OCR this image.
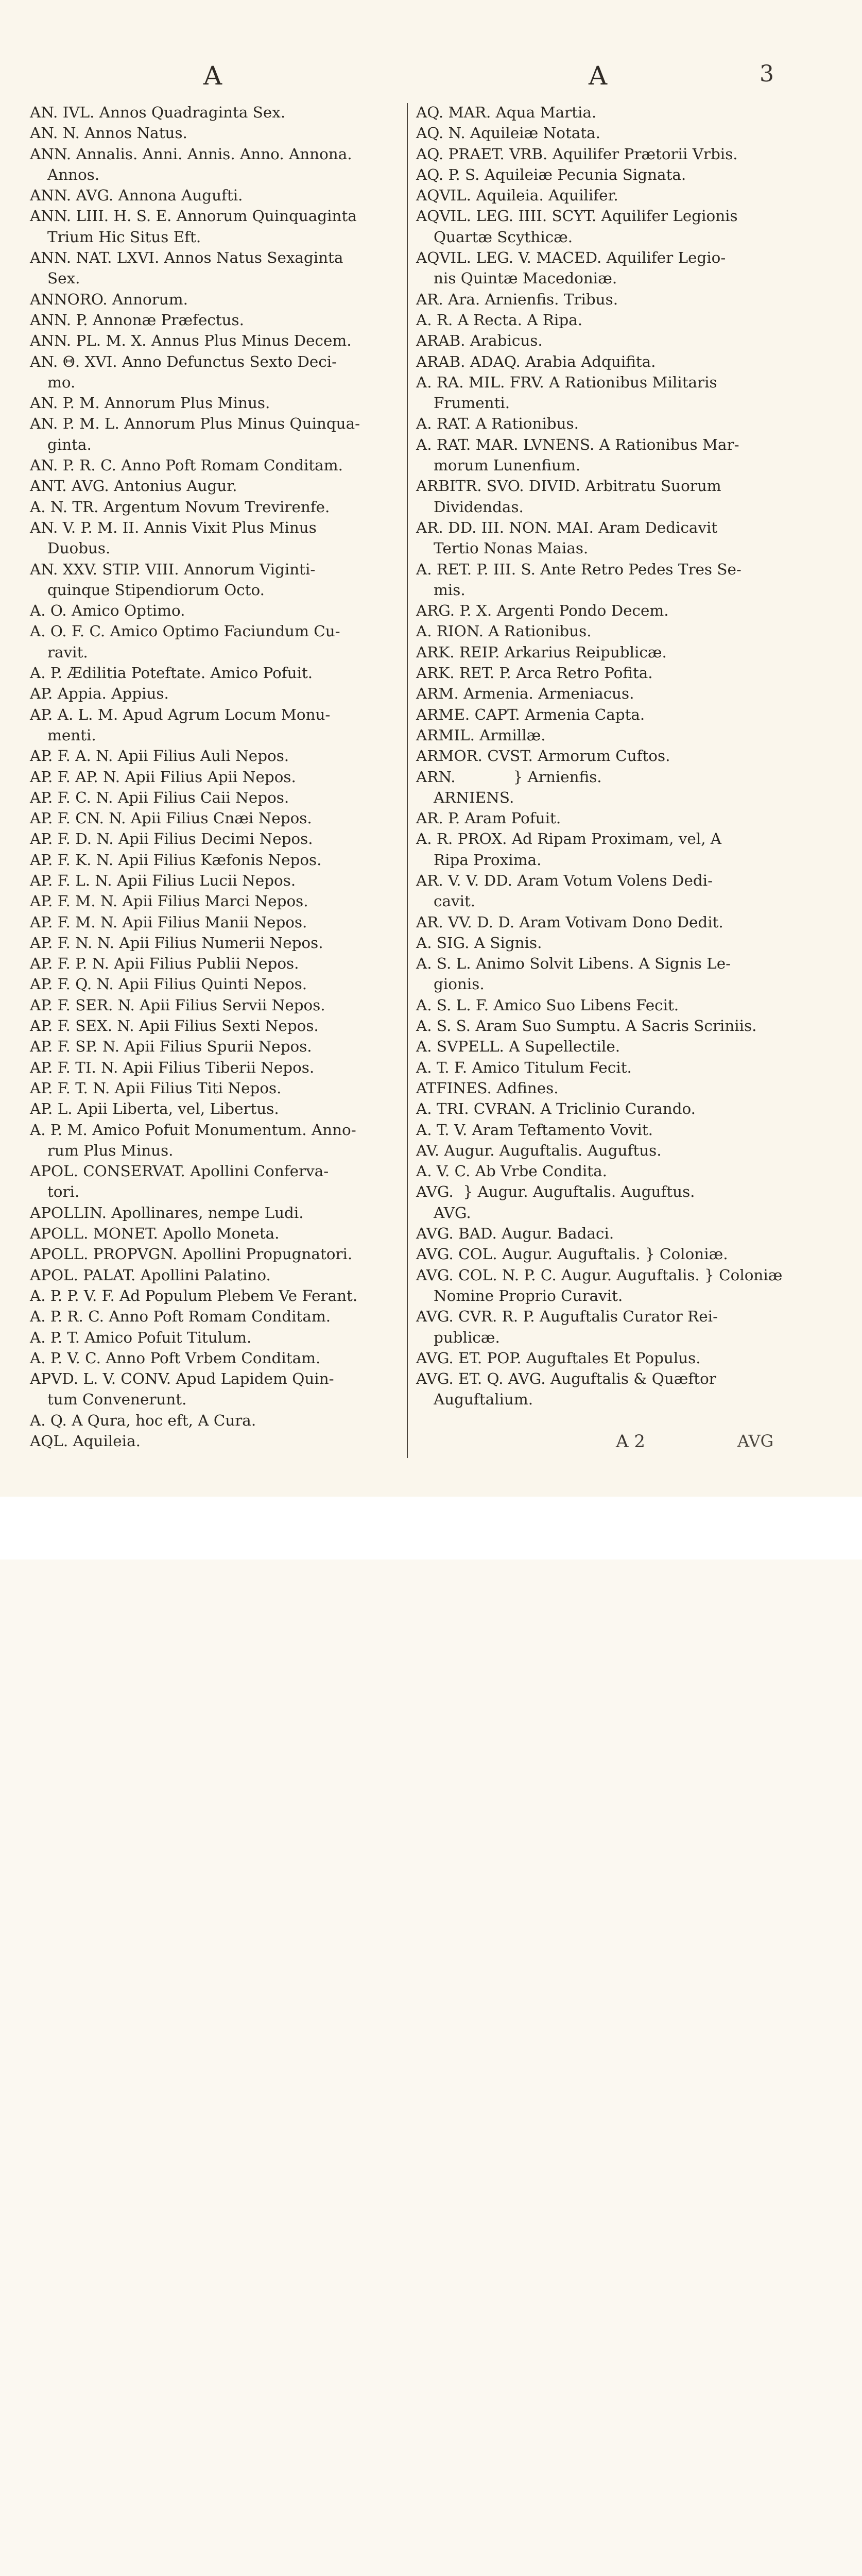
A	A	3

AN. IVL. Annos Quadraginta Sex.

AN. N. Annos Natus.

ANN. Annalis. Anni. Annis. Anno. Annona.
Annos.

ANN. AVG. Annona Augufti.

ANN. LIII. H. S. E. Annorum Quinquaginta
Trium Hic Situs Eft.

ANN. NAT. LXVI. Annos Natus Sexaginta
Sex.

ANNORO. Annorum.

ANN. P. Annonæ Præfectus.

ANN. PL. M. X. Annus Plus Minus Decem.

AN. Θ. XVI. Anno Defunctus Sexto Deci-
mo.

AN. P. M. Annorum Plus Minus.

AN. P. M. L. Annorum Plus Minus Quinqua-
ginta.

AN. P. R. C. Anno Poft Romam Conditam.

ANT. AVG. Antonius Augur.

A. N. TR. Argentum Novum Trevirenfe.

AN. V. P. M. II. Annis Vixit Plus Minus
Duobus.

AN. XXV. STIP. VIII. Annorum Viginti-
quinque Stipendiorum Octo.

A. O. Amico Optimo.

A. O. F. C. Amico Optimo Faciundum Cu-
ravit.

A. P. Ædilitia Poteftate. Amico Pofuit.

AP. Appia. Appius.

AP. A. L. M. Apud Agrum Locum Monu-
menti.

AP. F. A. N. Apii Filius Auli Nepos.

AP. F. AP. N. Apii Filius Apii Nepos.

AP. F. C. N. Apii Filius Caii Nepos.

AP. F. CN. N. Apii Filius Cnæi Nepos.

AP. F. D. N. Apii Filius Decimi Nepos.

AP. F. K. N. Apii Filius Kæfonis Nepos.

AP. F. L. N. Apii Filius Lucii Nepos.

AP. F. M. N. Apii Filius Marci Nepos.

AP. F. M. N. Apii Filius Manii Nepos.

AP. F. N. N. Apii Filius Numerii Nepos.

AP. F. P. N. Apii Filius Publii Nepos.

AP. F. Q. N. Apii Filius Quinti Nepos.

AP. F. SER. N. Apii Filius Servii Nepos.

AP. F. SEX. N. Apii Filius Sexti Nepos.

AP. F. SP. N. Apii Filius Spurii Nepos.

AP. F. TI. N. Apii Filius Tiberii Nepos.

AP. F. T. N. Apii Filius Titi Nepos.

AP. L. Apii Liberta, vel, Libertus.

A. P. M. Amico Pofuit Monumentum. Anno-
rum Plus Minus.

APOL. CONSERVAT. Apollini Conferva-
tori.

APOLLIN. Apollinares, nempe Ludi.

APOLL. MONET. Apollo Moneta.

APOLL. PROPVGN. Apollini Propugnatori.

APOL. PALAT. Apollini Palatino.

A. P. P. V. F. Ad Populum Plebem Ve Ferant.

A. P. R. C. Anno Poft Romam Conditam.

A. P. T. Amico Pofuit Titulum.

A. P. V. C. Anno Poft Vrbem Conditam.

APVD. L. V. CONV. Apud Lapidem Quin-
tum Convenerunt.

A. Q. A Qura, hoc eft, A Cura.

AQL. Aquileia.

AQ. MAR. Aqua Martia.

AQ. N. Aquileiæ Notata.

AQ. PRAET. VRB. Aquilifer Prætorii Vrbis.

AQ. P. S. Aquileiæ Pecunia Signata.

AQVIL. Aquileia. Aquilifer.

AQVIL. LEG. IIII. SCYT. Aquilifer Legionis
Quartæ Scythicæ.

AQVIL. LEG. V. MACED. Aquilifer Legio-
nis Quintæ Macedoniæ.

AR. Ara. Arnienfis. Tribus.

A. R. A Recta. A Ripa.

ARAB. Arabicus.

ARAB. ADAQ. Arabia Adquifita.

A. RA. MIL. FRV. A Rationibus Militaris
Frumenti.

A. RAT. A Rationibus.

A. RAT. MAR. LVNENS. A Rationibus Mar-
morum Lunenfium.

ARBITR. SVO. DIVID. Arbitratu Suorum
Dividendas.

AR. DD. III. NON. MAI. Aram Dedicavit
Tertio Nonas Maias.

A. RET. P. III. S. Ante Retro Pedes Tres Se-
mis.

ARG. P. X. Argenti Pondo Decem.

A. RION. A Rationibus.

ARK. REIP. Arkarius Reipublicæ.

ARK. RET. P. Arca Retro Pofita.

ARM. Armenia. Armeniacus.

ARME. CAPT. Armenia Capta.

ARMIL. Armillæ.

ARMOR. CVST. Armorum Cuftos.

ARN.            } Arnienfis.
ARNIENS.

AR. P. Aram Pofuit.

A. R. PROX. Ad Ripam Proximam, vel, A
Ripa Proxima.

AR. V. V. DD. Aram Votum Volens Dedi-
cavit.

AR. VV. D. D. Aram Votivam Dono Dedit.

A. SIG. A Signis.

A. S. L. Animo Solvit Libens. A Signis Le-
gionis.

A. S. L. F. Amico Suo Libens Fecit.

A. S. S. Aram Suo Sumptu. A Sacris Scriniis.

A. SVPELL. A Supellectile.

A. T. F. Amico Titulum Fecit.

ATFINES. Adfines.

A. TRI. CVRAN. A Triclinio Curando.

A. T. V. Aram Teftamento Vovit.

AV. Augur. Auguftalis. Auguftus.

A. V. C. Ab Vrbe Condita.

AVG.  } Augur. Auguftalis. Auguftus.
AVG.

AVG. BAD. Augur. Badaci.

AVG. COL. Augur. Auguftalis. } Coloniæ.

AVG. COL. N. P. C. Augur. Auguftalis. } Coloniæ
Nomine Proprio Curavit.

AVG. CVR. R. P. Auguftalis Curator Rei-
publicæ.

AVG. ET. POP. Auguftales Et Populus.

AVG. ET. Q. AVG. Auguftalis & Quæftor
Auguftalium.

A 2	AVG
